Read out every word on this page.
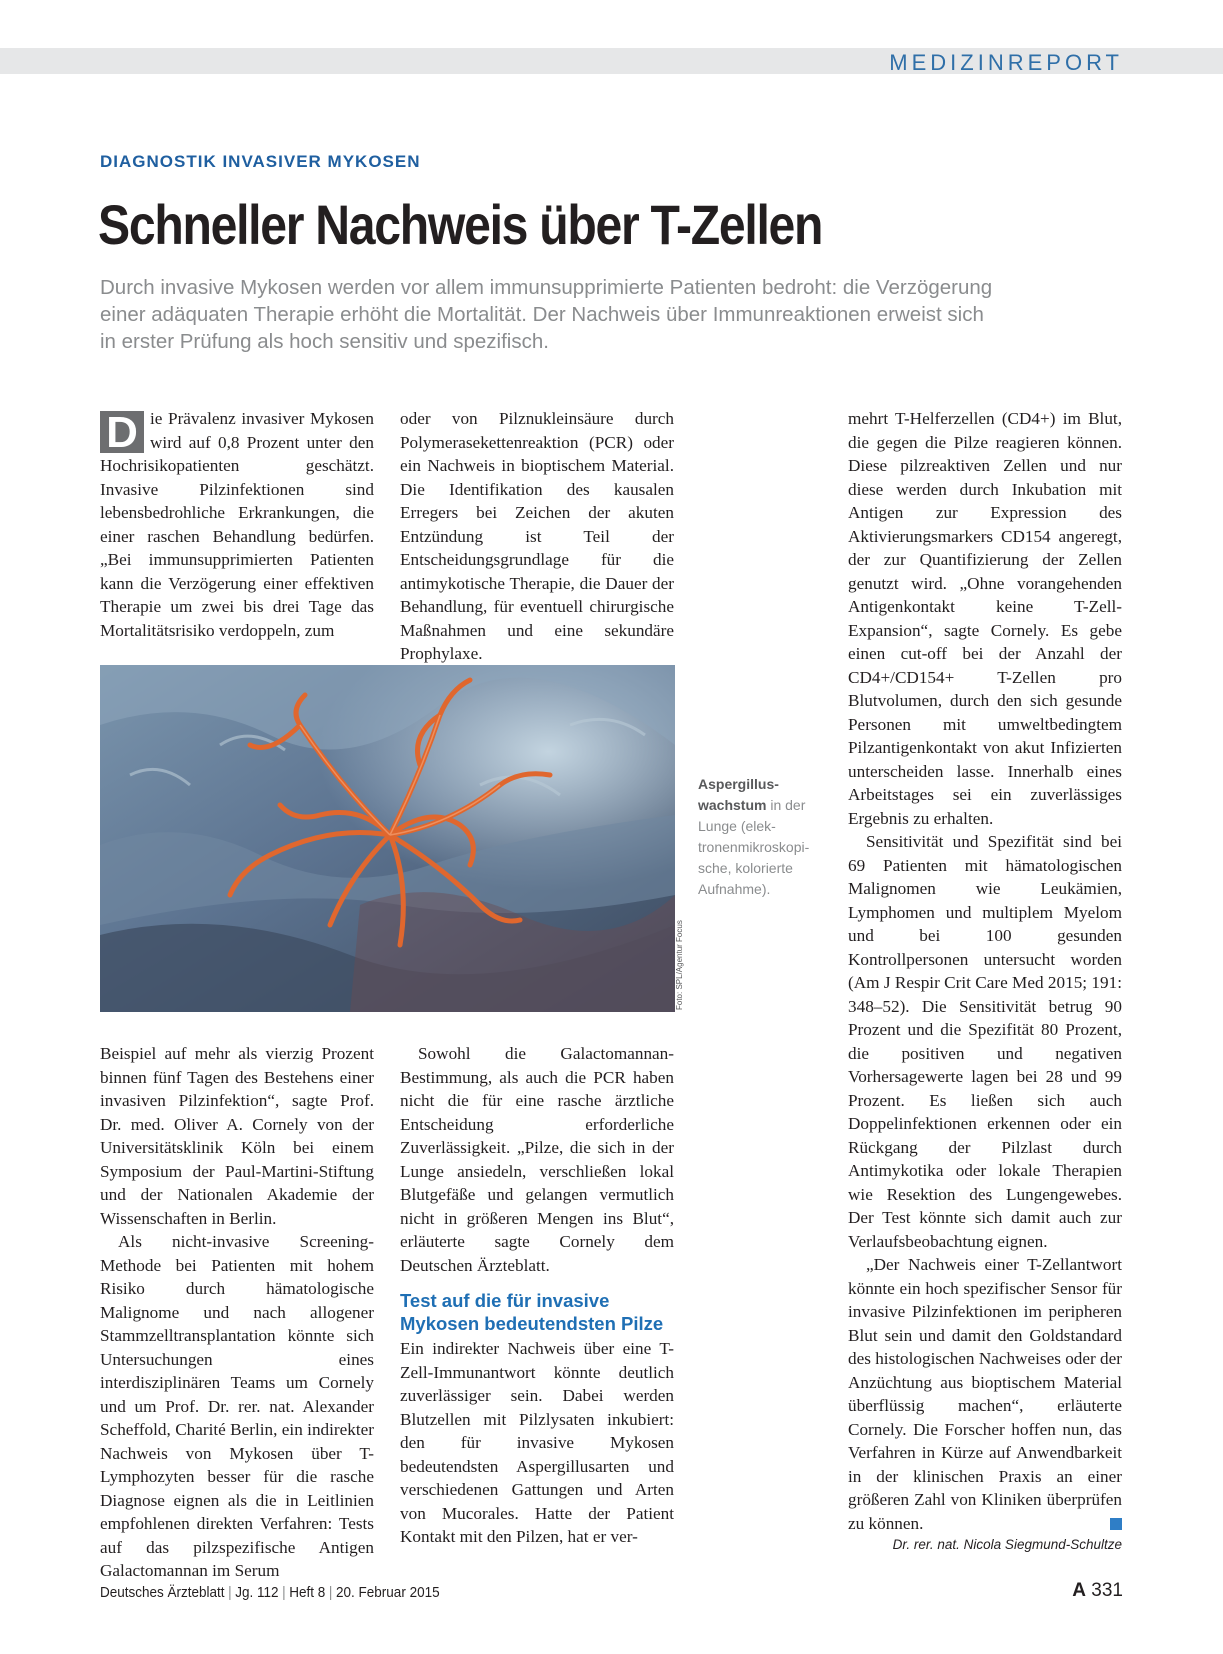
MEDIZINREPORT
DIAGNOSTIK INVASIVER MYKOSEN
Schneller Nachweis über T-Zellen

Durch invasive Mykosen werden vor allem immunsupprimierte Patienten bedroht: die Verzögerung einer adäquaten Therapie erhöht die Mortalität. Der Nachweis über Immunreaktionen erweist sich in erster Prüfung als hoch sensitiv und spezifisch.

D ie Prävalenz invasiver Mykosen wird auf 0,8 Prozent unter den Hochrisikopatienten geschätzt. Invasive Pilzinfektionen sind lebensbedrohliche Erkrankungen, die einer raschen Behandlung bedürfen. „Bei immunsupprimierten Patienten kann die Verzögerung einer effektiven Therapie um zwei bis drei Tage das Mortalitätsrisiko verdoppeln, zum

oder von Pilznukleinsäure durch Polymerasekettenreaktion (PCR) oder ein Nachweis in bioptischem Material. Die Identifikation des kausalen Erregers bei Zeichen der akuten Entzündung ist Teil der Entscheidungsgrundlage für die antimykotische Therapie, die Dauer der Behandlung, für eventuell chirurgische Maßnahmen und eine sekundäre Prophylaxe.

Foto: SPL/Agentur Focus
Aspergilluswachstum in der Lunge (elektronenmikroskopische, kolorierte Aufnahme).

Beispiel auf mehr als vierzig Prozent binnen fünf Tagen des Bestehens einer invasiven Pilzinfektion“, sagte Prof. Dr. med. Oliver A. Cornely von der Universitätsklinik Köln bei einem Symposium der Paul-Martini-Stiftung und der Nationalen Akademie der Wissenschaften in Berlin.

Als nicht-invasive Screening-Methode bei Patienten mit hohem Risiko durch hämatologische Malignome und nach allogener Stammzelltransplantation könnte sich Untersuchungen eines interdisziplinären Teams um Cornely und um Prof. Dr. rer. nat. Alexander Scheffold, Charité Berlin, ein indirekter Nachweis von Mykosen über T-Lymphozyten besser für die rasche Diagnose eignen als die in Leitlinien empfohlenen direkten Verfahren: Tests auf das pilzspezifische Antigen Galactomannan im Serum

Sowohl die Galactomannan-Bestimmung, als auch die PCR haben nicht die für eine rasche ärztliche Entscheidung erforderliche Zuverlässigkeit. „Pilze, die sich in der Lunge ansiedeln, verschließen lokal Blutgefäße und gelangen vermutlich nicht in größeren Mengen ins Blut“, erläuterte sagte Cornely dem Deutschen Ärzteblatt.

Test auf die für invasive Mykosen bedeutendsten Pilze

Ein indirekter Nachweis über eine T-Zell-Immunantwort könnte deutlich zuverlässiger sein. Dabei werden Blutzellen mit Pilzlysaten inkubiert: den für invasive Mykosen bedeutendsten Aspergillusarten und verschiedenen Gattungen und Arten von Mucorales. Hatte der Patient Kontakt mit den Pilzen, hat er ver-

mehrt T-Helferzellen (CD4+) im Blut, die gegen die Pilze reagieren können. Diese pilzreaktiven Zellen und nur diese werden durch Inkubation mit Antigen zur Expression des Aktivierungsmarkers CD154 angeregt, der zur Quantifizierung der Zellen genutzt wird. „Ohne vorangehenden Antigenkontakt keine T-Zell-Expansion“, sagte Cornely. Es gebe einen cut-off bei der Anzahl der CD4+/CD154+ T-Zellen pro Blutvolumen, durch den sich gesunde Personen mit umweltbedingtem Pilzantigenkontakt von akut Infizierten unterscheiden lasse. Innerhalb eines Arbeitstages sei ein zuverlässiges Ergebnis zu erhalten.

Sensitivität und Spezifität sind bei 69 Patienten mit hämatologischen Malignomen wie Leukämien, Lymphomen und multiplem Myelom und bei 100 gesunden Kontrollpersonen untersucht worden (Am J Respir Crit Care Med 2015; 191: 348–52). Die Sensitivität betrug 90 Prozent und die Spezifität 80 Prozent, die positiven und negativen Vorhersagewerte lagen bei 28 und 99 Prozent. Es ließen sich auch Doppelinfektionen erkennen oder ein Rückgang der Pilzlast durch Antimykotika oder lokale Therapien wie Resektion des Lungengewebes. Der Test könnte sich damit auch zur Verlaufsbeobachtung eignen.

„Der Nachweis einer T-Zellantwort könnte ein hoch spezifischer Sensor für invasive Pilzinfektionen im peripheren Blut sein und damit den Goldstandard des histologischen Nachweises oder der Anzüchtung aus bioptischem Material überflüssig machen“, erläuterte Cornely. Die Forscher hoffen nun, das Verfahren in Kürze auf Anwendbarkeit in der klinischen Praxis an einer größeren Zahl von Kliniken überprüfen zu können.

Dr. rer. nat. Nicola Siegmund-Schultze
Deutsches Ärzteblatt | Jg. 112 | Heft 8 | 20. Februar 2015	A 331
